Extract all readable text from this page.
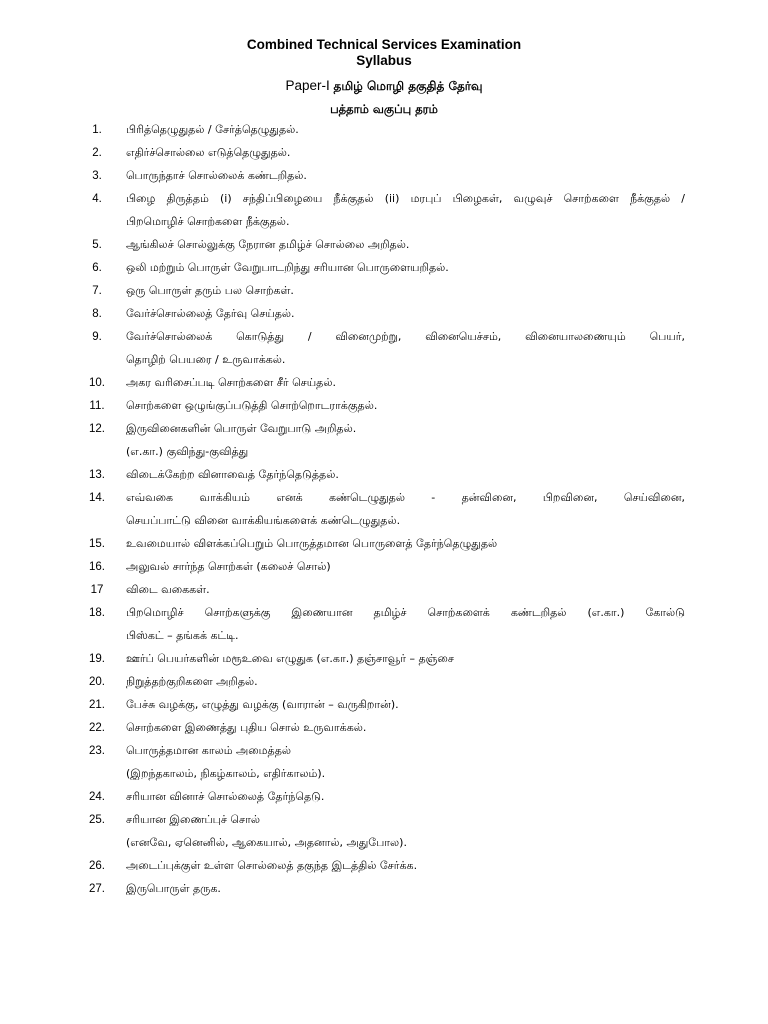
Combined Technical Services Examination
Syllabus
Paper-I தமிழ் மொழி தகுதித் தேர்வு
பத்தாம் வகுப்பு தரம்
1.	பிரித்தெழுதுதல் / சேர்த்தெழுதுதல்.
2.	எதிர்ச்சொல்லை எடுத்தெழுதுதல்.
3.	பொருந்தாச் சொல்லைக் கண்டறிதல்.
4.	பிழை திருத்தம் (i) சந்திப்பிழையை நீக்குதல் (ii) மரபுப் பிழைகள், வழுவுச் சொற்களை நீக்குதல் /
பிறமொழிச் சொற்களை நீக்குதல்.
5.	ஆங்கிலச் சொல்லுக்கு நேரான தமிழ்ச் சொல்லை அறிதல்.
6.	ஒலி மற்றும் பொருள் வேறுபாடறிந்து சரியான பொருளையறிதல்.
7.	ஒரு பொருள் தரும் பல சொற்கள்.
8.	வேர்ச்சொல்லைத் தேர்வு செய்தல்.
9.	வேர்ச்சொல்லைக் கொடுத்து / வினைமுற்று, வினையெச்சம், வினையாலணையும் பெயர்,
தொழிற் பெயரை / உருவாக்கல்.
10.	அகர வரிசைப்படி சொற்களை சீர் செய்தல்.
11.	சொற்களை ஒழுங்குப்படுத்தி சொற்றொடராக்குதல்.
12.	இருவினைகளின் பொருள் வேறுபாடு அறிதல்.
(எ.கா.) குவிந்து-குவித்து
13.	விடைக்கேற்ற வினாவைத் தேர்ந்தெடுத்தல்.
14.	எவ்வகை வாக்கியம் எனக் கண்டெழுதுதல் - தன்வினை, பிறவினை, செய்வினை,
செயப்பாட்டு வினை வாக்கியங்களைக் கண்டெழுதுதல்.
15.	உவமையால் விளக்கப்பெறும் பொருத்தமான பொருளைத் தேர்ந்தெழுதுதல்
16.	அலுவல் சார்ந்த சொற்கள் (கலைச் சொல்)
17	விடை வகைகள்.
18.	பிறமொழிச் சொற்களுக்கு இணையான தமிழ்ச் சொற்களைக் கண்டறிதல் (எ.கா.) கோல்டு
பிஸ்கட் – தங்கக் கட்டி.
19.	ஊர்ப் பெயர்களின் மரூஉவை எழுதுக (எ.கா.) தஞ்சாவூர் – தஞ்சை
20.	நிறுத்தற்குறிகளை அறிதல்.
21.	பேச்சு வழக்கு, எழுத்து வழக்கு (வாரான் – வருகிறான்).
22.	சொற்களை இணைத்து புதிய சொல் உருவாக்கல்.
23.	பொருத்தமான காலம் அமைத்தல்
(இறந்தகாலம், நிகழ்காலம், எதிர்காலம்).
24.	சரியான வினாச் சொல்லைத் தேர்ந்தெடு.
25.	சரியான இணைப்புச் சொல்
(எனவே, ஏனெனில், ஆகையால், அதனால், அதுபோல).
26.	அடைப்புக்குள் உள்ள சொல்லைத் தகுந்த இடத்தில் சேர்க்க.
27.	இருபொருள் தருக.
